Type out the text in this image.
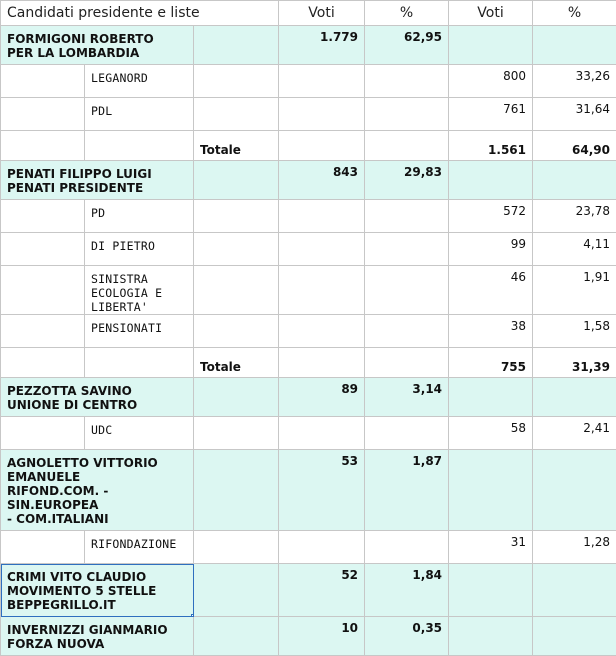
Candidati presidente e liste			Voti	%	Voti	%
FORMIGONI ROBERTO
PER LA LOMBARDIA			1.779	62,95		
	LEGANORD				800	33,26
	PDL				761	31,64
		Totale			1.561	64,90
PENATI FILIPPO LUIGI
PENATI PRESIDENTE			843	29,83		
	PD				572	23,78
	DI PIETRO				99	4,11
	SINISTRA
ECOLOGIA E
LIBERTA'				46	1,91
	PENSIONATI				38	1,58
		Totale			755	31,39
PEZZOTTA SAVINO
UNIONE DI CENTRO			89	3,14		
	UDC				58	2,41
AGNOLETTO VITTORIO
EMANUELE
RIFOND.COM. - SIN.EUROPEA
- COM.ITALIANI			53	1,87		
	RIFONDAZIONE				31	1,28
CRIMI VITO CLAUDIO
MOVIMENTO 5 STELLE
BEPPEGRILLO.IT			52	1,84		
INVERNIZZI GIANMARIO
FORZA NUOVA			10	0,35		
